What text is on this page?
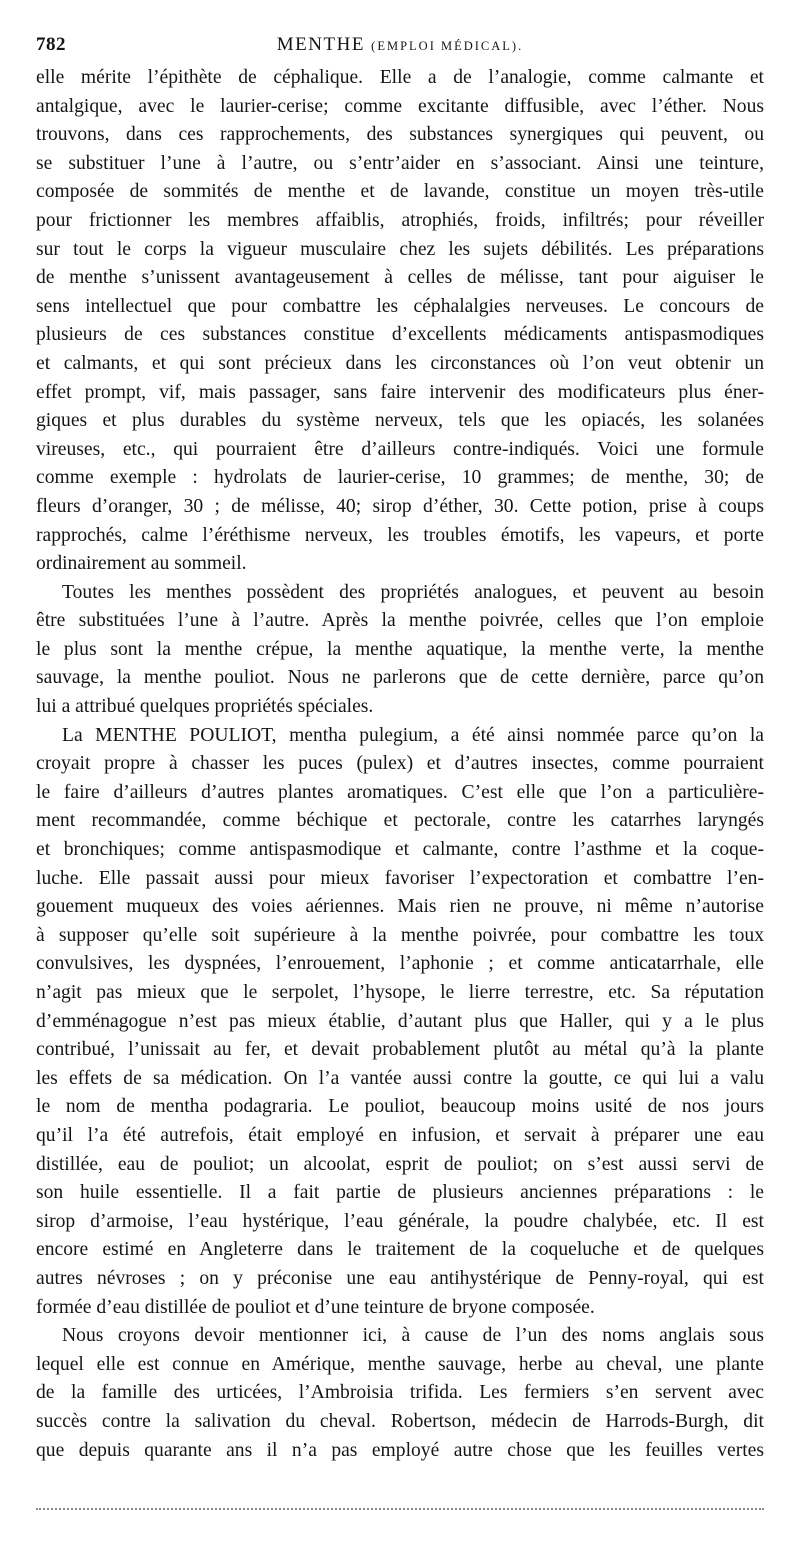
782	MENTHE (EMPLOI MÉDICAL).
elle mérite l’épithète de céphalique. Elle a de l’analogie, comme calmante et
antalgique, avec le laurier-cerise; comme excitante diffusible, avec l’éther. Nous
trouvons, dans ces rapprochements, des substances synergiques qui peuvent, ou
se substituer l’une à l’autre, ou s’entr’aider en s’associant. Ainsi une teinture,
composée de sommités de menthe et de lavande, constitue un moyen très-utile
pour frictionner les membres affaiblis, atrophiés, froids, infiltrés; pour réveiller
sur tout le corps la vigueur musculaire chez les sujets débilités. Les préparations
de menthe s’unissent avantageusement à celles de mélisse, tant pour aiguiser le
sens intellectuel que pour combattre les céphalalgies nerveuses. Le concours de
plusieurs de ces substances constitue d’excellents médicaments antispasmodiques
et calmants, et qui sont précieux dans les circonstances où l’on veut obtenir un
effet prompt, vif, mais passager, sans faire intervenir des modificateurs plus éner-
giques et plus durables du système nerveux, tels que les opiacés, les solanées
vireuses, etc., qui pourraient être d’ailleurs contre-indiqués. Voici une formule
comme exemple : hydrolats de laurier-cerise, 10 grammes; de menthe, 30; de
fleurs d’oranger, 30 ; de mélisse, 40; sirop d’éther, 30. Cette potion, prise à coups
rapprochés, calme l’éréthisme nerveux, les troubles émotifs, les vapeurs, et porte
ordinairement au sommeil.
Toutes les menthes possèdent des propriétés analogues, et peuvent au besoin
être substituées l’une à l’autre. Après la menthe poivrée, celles que l’on emploie
le plus sont la menthe crépue, la menthe aquatique, la menthe verte, la menthe
sauvage, la menthe pouliot. Nous ne parlerons que de cette dernière, parce qu’on
lui a attribué quelques propriétés spéciales.
La MENTHE POULIOT, mentha pulegium, a été ainsi nommée parce qu’on la
croyait propre à chasser les puces (pulex) et d’autres insectes, comme pourraient
le faire d’ailleurs d’autres plantes aromatiques. C’est elle que l’on a particulière-
ment recommandée, comme béchique et pectorale, contre les catarrhes laryngés
et bronchiques; comme antispasmodique et calmante, contre l’asthme et la coque-
luche. Elle passait aussi pour mieux favoriser l’expectoration et combattre l’en-
gouement muqueux des voies aériennes. Mais rien ne prouve, ni même n’autorise
à supposer qu’elle soit supérieure à la menthe poivrée, pour combattre les toux
convulsives, les dyspnées, l’enrouement, l’aphonie ; et comme anticatarrhale, elle
n’agit pas mieux que le serpolet, l’hysope, le lierre terrestre, etc. Sa réputation
d’emménagogue n’est pas mieux établie, d’autant plus que Haller, qui y a le plus
contribué, l’unissait au fer, et devait probablement plutôt au métal qu’à la plante
les effets de sa médication. On l’a vantée aussi contre la goutte, ce qui lui a valu
le nom de mentha podagraria. Le pouliot, beaucoup moins usité de nos jours
qu’il l’a été autrefois, était employé en infusion, et servait à préparer une eau
distillée, eau de pouliot; un alcoolat, esprit de pouliot; on s’est aussi servi de
son huile essentielle. Il a fait partie de plusieurs anciennes préparations : le
sirop d’armoise, l’eau hystérique, l’eau générale, la poudre chalybée, etc. Il est
encore estimé en Angleterre dans le traitement de la coqueluche et de quelques
autres névroses ; on y préconise une eau antihystérique de Penny-royal, qui est
formée d’eau distillée de pouliot et d’une teinture de bryone composée.
Nous croyons devoir mentionner ici, à cause de l’un des noms anglais sous
lequel elle est connue en Amérique, menthe sauvage, herbe au cheval, une plante
de la famille des urticées, l’Ambroisia trifida. Les fermiers s’en servent avec
succès contre la salivation du cheval. Robertson, médecin de Harrods-Burgh, dit
que depuis quarante ans il n’a pas employé autre chose que les feuilles vertes
